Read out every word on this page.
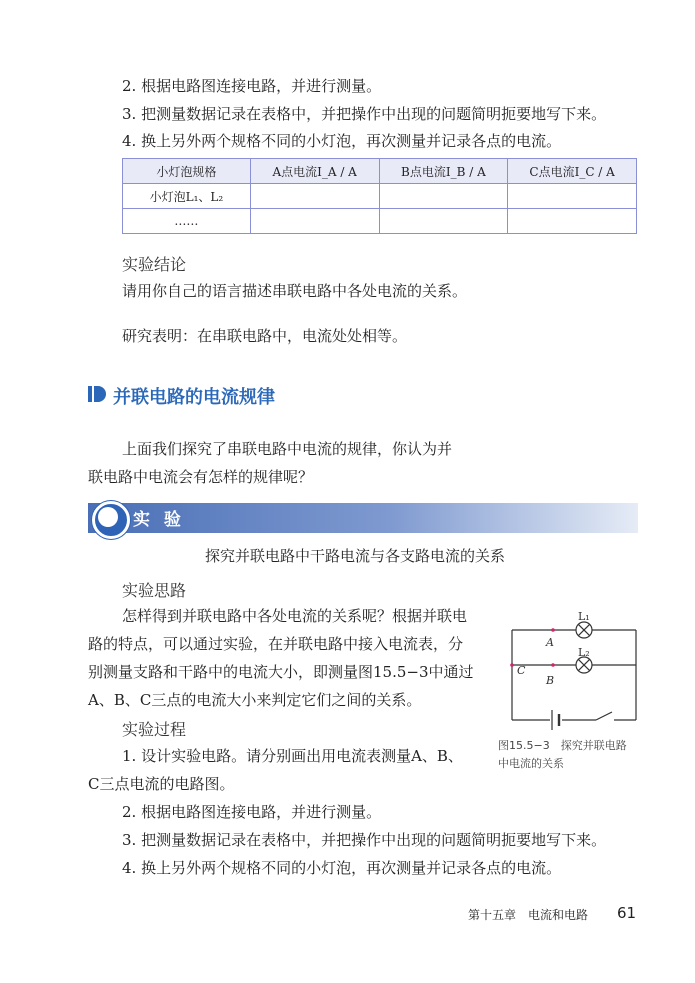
2. 根据电路图连接电路，并进行测量。
3. 把测量数据记录在表格中，并把操作中出现的问题简明扼要地写下来。
4. 换上另外两个规格不同的小灯泡，再次测量并记录各点的电流。
小灯泡规格	A点电流I_A / A	B点电流I_B / A	C点电流I_C / A
小灯泡L₁、L₂			
……			
实验结论
请用你自己的语言描述串联电路中各处电流的关系。
研究表明：在串联电路中，电流处处相等。
并联电路的电流规律
上面我们探究了串联电路中电流的规律，你认为并
联电路中电流会有怎样的规律呢？
实 验
探究并联电路中干路电流与各支路电流的关系
实验思路
怎样得到并联电路中各处电流的关系呢？根据并联电
路的特点，可以通过实验，在并联电路中接入电流表，分
别测量支路和干路中的电流大小，即测量图15.5−3中通过
A、B、C三点的电流大小来判定它们之间的关系。
L₁
L₂
A
B
C
图15.5−3　探究并联电路
中电流的关系
实验过程
1. 设计实验电路。请分别画出用电流表测量A、B、
C三点电流的电路图。
2. 根据电路图连接电路，并进行测量。
3. 把测量数据记录在表格中，并把操作中出现的问题简明扼要地写下来。
4. 换上另外两个规格不同的小灯泡，再次测量并记录各点的电流。
第十五章　电流和电路 61
